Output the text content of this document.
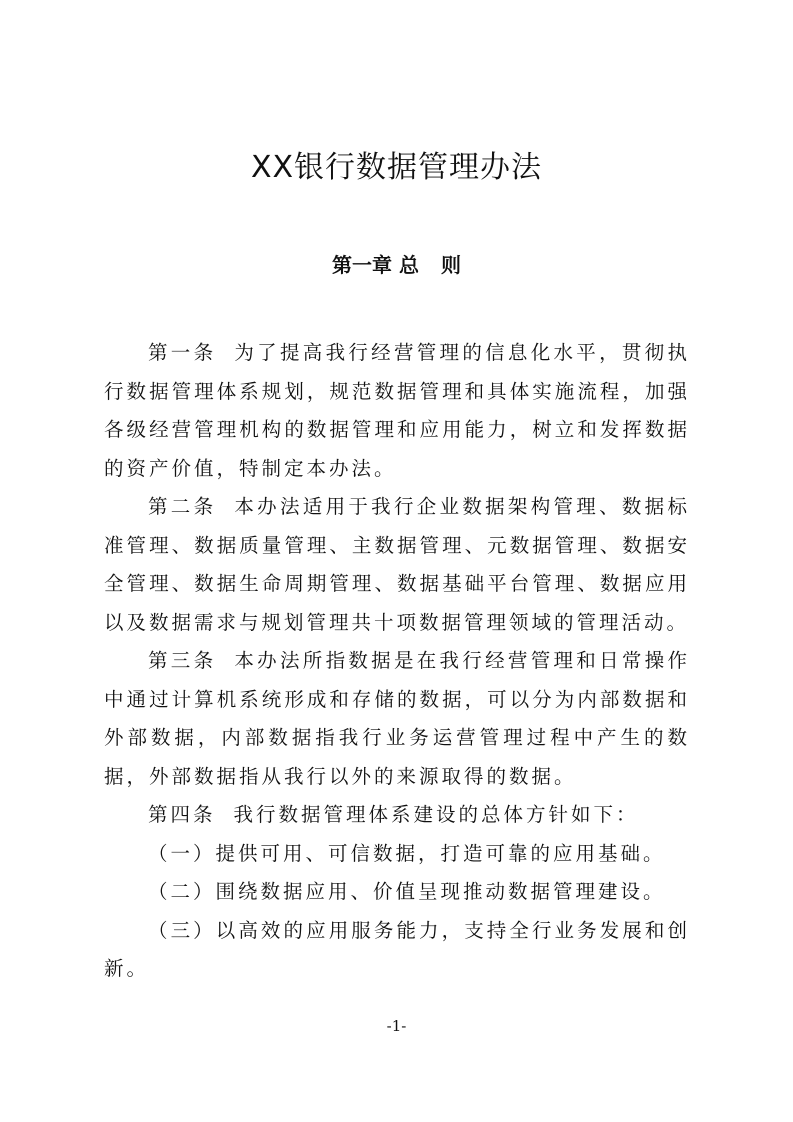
XX银行数据管理办法
第一章 总 则

第一条 为了提高我行经营管理的信息化水平，贯彻执行数据管理体系规划，规范数据管理和具体实施流程，加强各级经营管理机构的数据管理和应用能力，树立和发挥数据的资产价值，特制定本办法。

第二条 本办法适用于我行企业数据架构管理、数据标准管理、数据质量管理、主数据管理、元数据管理、数据安全管理、数据生命周期管理、数据基础平台管理、数据应用以及数据需求与规划管理共十项数据管理领域的管理活动。

第三条 本办法所指数据是在我行经营管理和日常操作中通过计算机系统形成和存储的数据，可以分为内部数据和外部数据，内部数据指我行业务运营管理过程中产生的数据，外部数据指从我行以外的来源取得的数据。

第四条 我行数据管理体系建设的总体方针如下：

（一）提供可用、可信数据，打造可靠的应用基础。

（二）围绕数据应用、价值呈现推动数据管理建设。

（三）以高效的应用服务能力，支持全行业务发展和创新。

-1-
